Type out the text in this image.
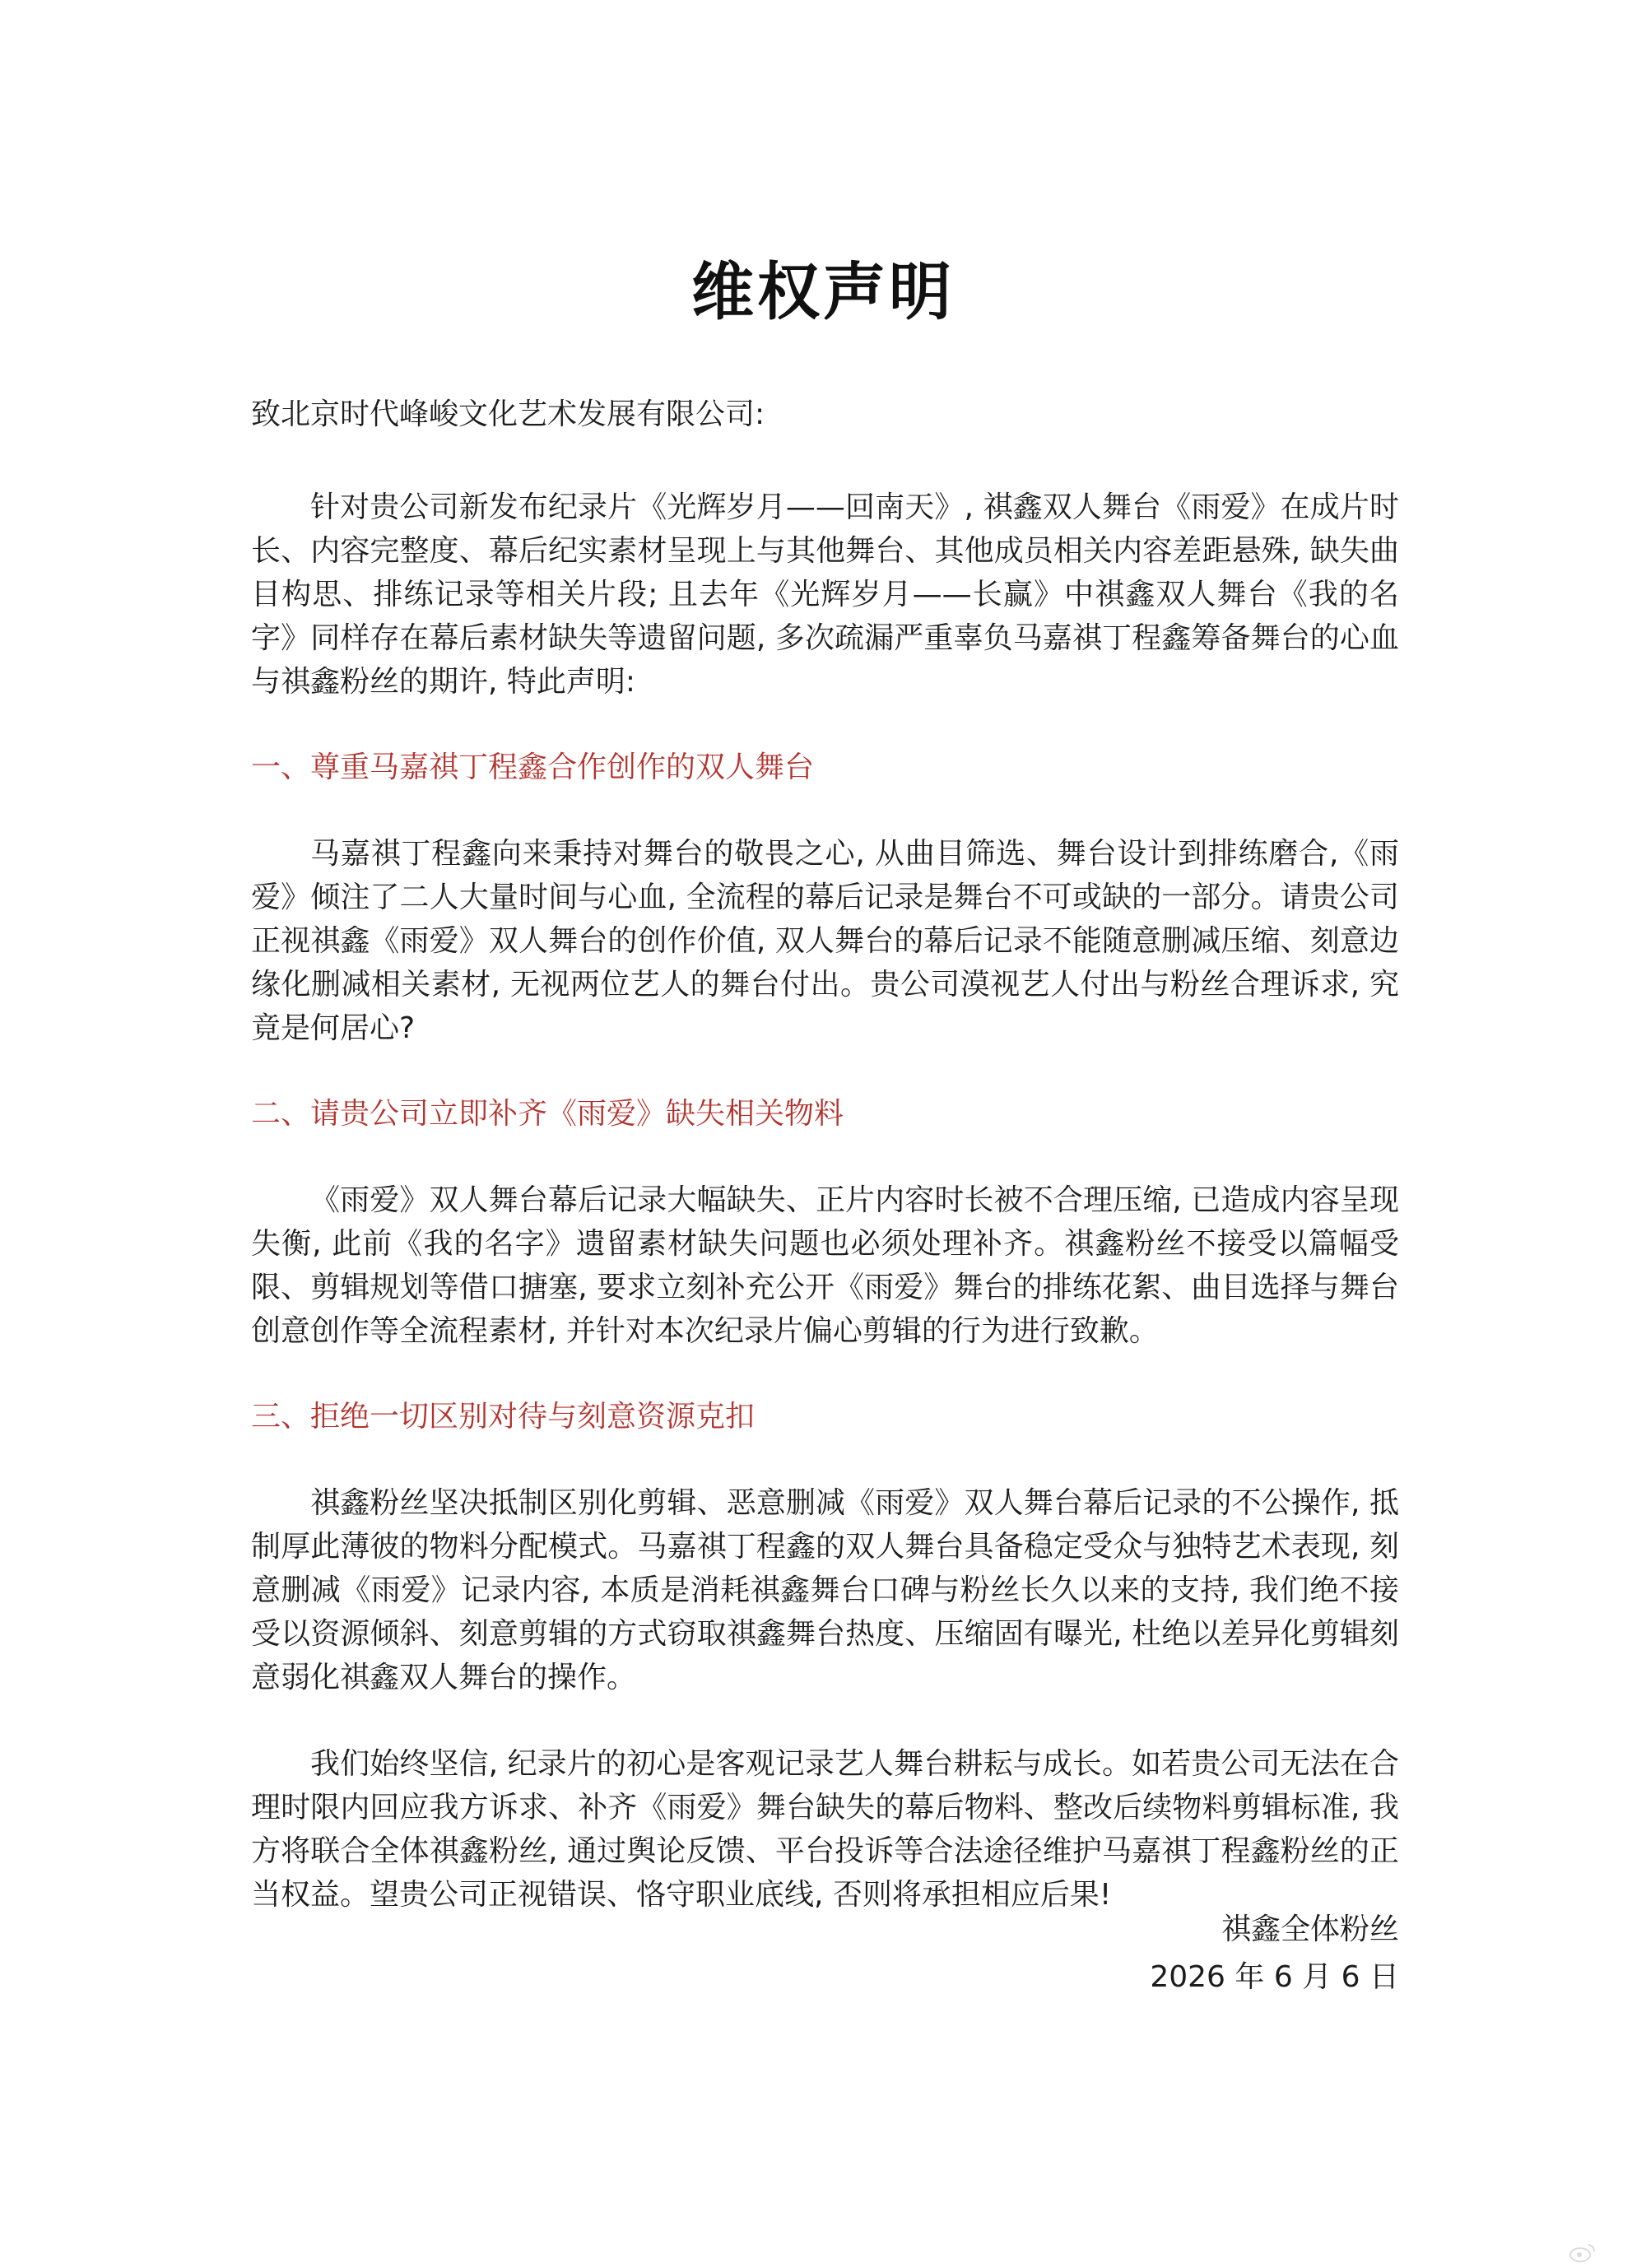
维权声明

致北京时代峰峻文化艺术发展有限公司:

针对贵公司新发布纪录片《光辉岁月——回南天》, 祺鑫双人舞台《雨爱》在成片时长、内容完整度、幕后纪实素材呈现上与其他舞台、其他成员相关内容差距悬殊, 缺失曲目构思、排练记录等相关片段; 且去年《光辉岁月——长赢》中祺鑫双人舞台《我的名字》同样存在幕后素材缺失等遗留问题, 多次疏漏严重辜负马嘉祺丁程鑫筹备舞台的心血与祺鑫粉丝的期许, 特此声明:

一、尊重马嘉祺丁程鑫合作创作的双人舞台

马嘉祺丁程鑫向来秉持对舞台的敬畏之心, 从曲目筛选、舞台设计到排练磨合,《雨爱》倾注了二人大量时间与心血, 全流程的幕后记录是舞台不可或缺的一部分。请贵公司正视祺鑫《雨爱》双人舞台的创作价值, 双人舞台的幕后记录不能随意删减压缩、刻意边缘化删减相关素材, 无视两位艺人的舞台付出。贵公司漠视艺人付出与粉丝合理诉求, 究竟是何居心?

二、请贵公司立即补齐《雨爱》缺失相关物料

《雨爱》双人舞台幕后记录大幅缺失、正片内容时长被不合理压缩, 已造成内容呈现失衡, 此前《我的名字》遗留素材缺失问题也必须处理补齐。祺鑫粉丝不接受以篇幅受限、剪辑规划等借口搪塞, 要求立刻补充公开《雨爱》舞台的排练花絮、曲目选择与舞台创意创作等全流程素材, 并针对本次纪录片偏心剪辑的行为进行致歉。

三、拒绝一切区别对待与刻意资源克扣

祺鑫粉丝坚决抵制区别化剪辑、恶意删减《雨爱》双人舞台幕后记录的不公操作, 抵制厚此薄彼的物料分配模式。马嘉祺丁程鑫的双人舞台具备稳定受众与独特艺术表现, 刻意删减《雨爱》记录内容, 本质是消耗祺鑫舞台口碑与粉丝长久以来的支持, 我们绝不接受以资源倾斜、刻意剪辑的方式窃取祺鑫舞台热度、压缩固有曝光, 杜绝以差异化剪辑刻意弱化祺鑫双人舞台的操作。

我们始终坚信, 纪录片的初心是客观记录艺人舞台耕耘与成长。如若贵公司无法在合理时限内回应我方诉求、补齐《雨爱》舞台缺失的幕后物料、整改后续物料剪辑标准, 我方将联合全体祺鑫粉丝, 通过舆论反馈、平台投诉等合法途径维护马嘉祺丁程鑫粉丝的正当权益。望贵公司正视错误、恪守职业底线, 否则将承担相应后果!

祺鑫全体粉丝

2026 年 6 月 6 日
